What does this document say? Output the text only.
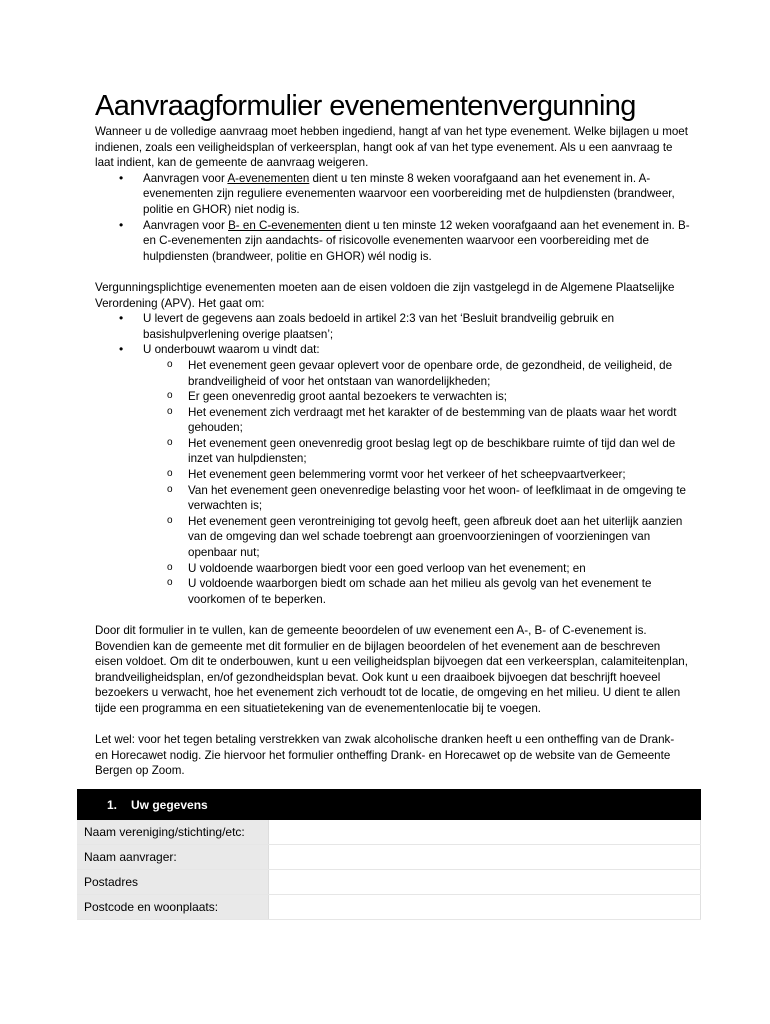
Aanvraagformulier evenementenvergunning

Wanneer u de volledige aanvraag moet hebben ingediend, hangt af van het type evenement. Welke bijlagen u moet indienen, zoals een veiligheidsplan of verkeersplan, hangt ook af van het type evenement. Als u een aanvraag te laat indient, kan de gemeente de aanvraag weigeren.

• Aanvragen voor A-evenementen dient u ten minste 8 weken voorafgaand aan het evenement in. A-evenementen zijn reguliere evenementen waarvoor een voorbereiding met de hulpdiensten (brandweer, politie en GHOR) niet nodig is.
• Aanvragen voor B- en C-evenementen dient u ten minste 12 weken voorafgaand aan het evenement in. B- en C-evenementen zijn aandachts- of risicovolle evenementen waarvoor een voorbereiding met de hulpdiensten (brandweer, politie en GHOR) wél nodig is.

Vergunningsplichtige evenementen moeten aan de eisen voldoen die zijn vastgelegd in de Algemene Plaatselijke Verordening (APV). Het gaat om:

• U levert de gegevens aan zoals bedoeld in artikel 2:3 van het ‘Besluit brandveilig gebruik en basishulpverlening overige plaatsen’;
• U onderbouwt waarom u vindt dat:
o Het evenement geen gevaar oplevert voor de openbare orde, de gezondheid, de veiligheid, de brandveiligheid of voor het ontstaan van wanordelijkheden;
o Er geen onevenredig groot aantal bezoekers te verwachten is;
o Het evenement zich verdraagt met het karakter of de bestemming van de plaats waar het wordt gehouden;
o Het evenement geen onevenredig groot beslag legt op de beschikbare ruimte of tijd dan wel de inzet van hulpdiensten;
o Het evenement geen belemmering vormt voor het verkeer of het scheepvaartverkeer;
o Van het evenement geen onevenredige belasting voor het woon- of leefklimaat in de omgeving te verwachten is;
o Het evenement geen verontreiniging tot gevolg heeft, geen afbreuk doet aan het uiterlijk aanzien van de omgeving dan wel schade toebrengt aan groenvoorzieningen of voorzieningen van openbaar nut;
o U voldoende waarborgen biedt voor een goed verloop van het evenement; en
o U voldoende waarborgen biedt om schade aan het milieu als gevolg van het evenement te voorkomen of te beperken.

Door dit formulier in te vullen, kan de gemeente beoordelen of uw evenement een A-, B- of C-evenement is. Bovendien kan de gemeente met dit formulier en de bijlagen beoordelen of het evenement aan de beschreven eisen voldoet. Om dit te onderbouwen, kunt u een veiligheidsplan bijvoegen dat een verkeersplan, calamiteitenplan, brandveiligheidsplan, en/of gezondheidsplan bevat. Ook kunt u een draaiboek bijvoegen dat beschrijft hoeveel bezoekers u verwacht, hoe het evenement zich verhoudt tot de locatie, de omgeving en het milieu. U dient te allen tijde een programma en een situatietekening van de evenementenlocatie bij te voegen.

Let wel: voor het tegen betaling verstrekken van zwak alcoholische dranken heeft u een ontheffing van de Drank- en Horecawet nodig. Zie hiervoor het formulier ontheffing Drank- en Horecawet op de website van de Gemeente Bergen op Zoom.

1.	Uw gegevens
Naam vereniging/stichting/etc:
Naam aanvrager:
Postadres
Postcode en woonplaats:
